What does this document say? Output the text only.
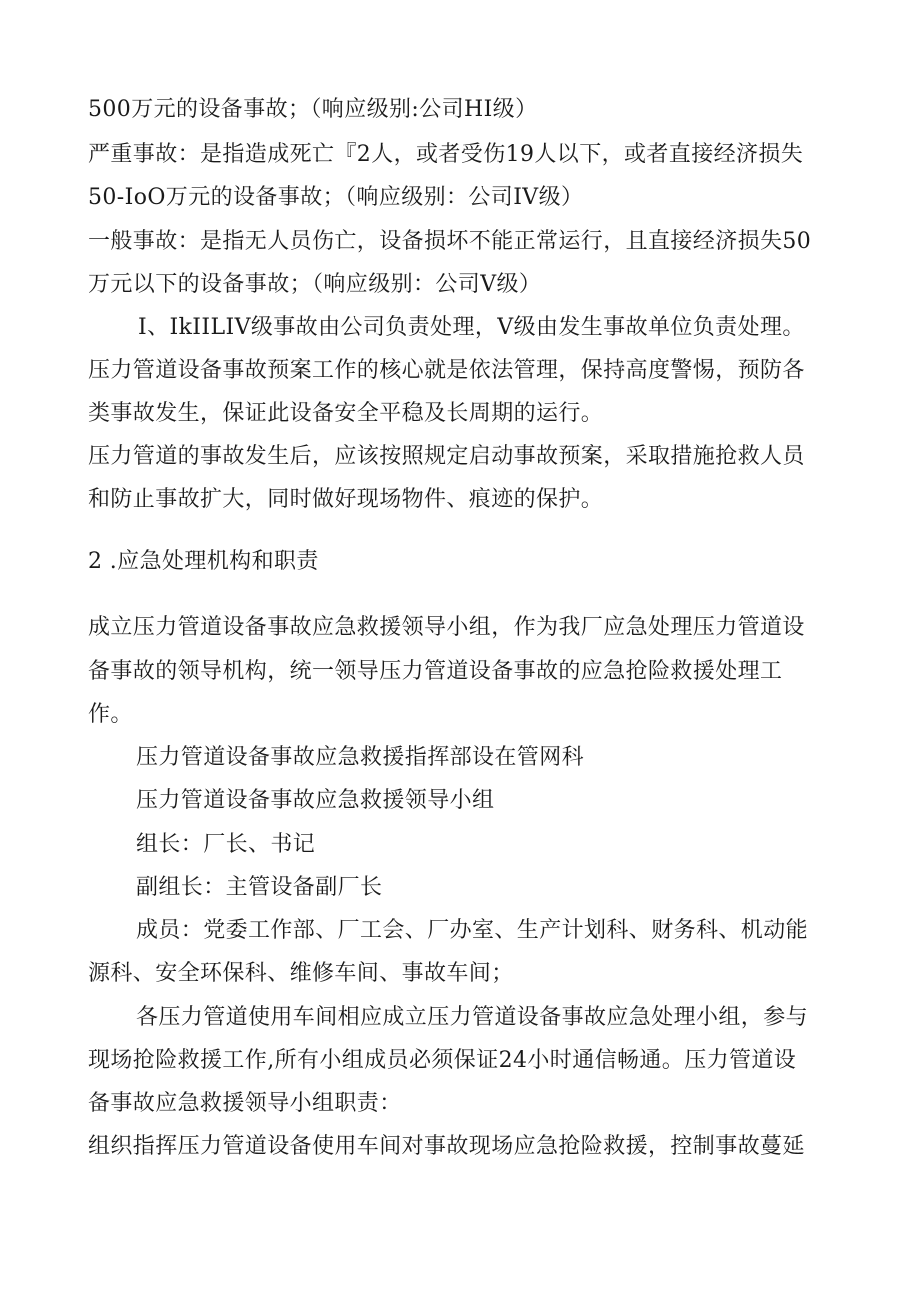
500万元的设备事故；（响应级别:公司HI级）
严重事故：是指造成死亡『2人，或者受伤19人以下，或者直接经济损失
50-IoO万元的设备事故；（响应级别：公司IV级）
一般事故：是指无人员伤亡，设备损坏不能正常运行，且直接经济损失50
万元以下的设备事故；（响应级别：公司V级）
I、IkIILIV级事故由公司负责处理，V级由发生事故单位负责处理。
压力管道设备事故预案工作的核心就是依法管理，保持高度警惕，预防各
类事故发生，保证此设备安全平稳及长周期的运行。
压力管道的事故发生后，应该按照规定启动事故预案，采取措施抢救人员
和防止事故扩大，同时做好现场物件、痕迹的保护。
2 .应急处理机构和职责
成立压力管道设备事故应急救援领导小组，作为我厂应急处理压力管道设
备事故的领导机构，统一领导压力管道设备事故的应急抢险救援处理工
作。
压力管道设备事故应急救援指挥部设在管网科
压力管道设备事故应急救援领导小组
组长：厂长、书记
副组长：主管设备副厂长
成员：党委工作部、厂工会、厂办室、生产计划科、财务科、机动能
源科、安全环保科、维修车间、事故车间；
各压力管道使用车间相应成立压力管道设备事故应急处理小组，参与
现场抢险救援工作,所有小组成员必须保证24小时通信畅通。压力管道设
备事故应急救援领导小组职责：
组织指挥压力管道设备使用车间对事故现场应急抢险救援，控制事故蔓延
